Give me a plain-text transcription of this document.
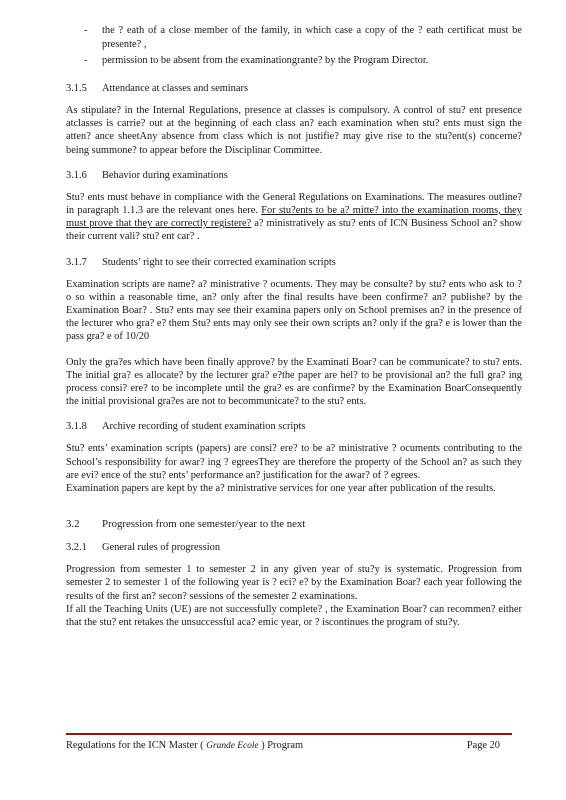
- the ? eath of a close member of the family, in which case a copy of the ? eath certificat must be presente? ,
- permission to be absent from the examinationgrante? by the Program Director.
3.1.5	Attendance at classes and seminars

As stipulate? in the Internal Regulations, presence at classes is compulsory. A control of stu? ent presence atclasses is carrie? out at the beginning of each class an? each examination when stu? ents must sign the atten? ance sheetAny absence from class which is not justifie? may give rise to the stu?ent(s) concerne? being summone? to appear before the Disciplinar Committee.

3.1.6	Behavior during examinations

Stu? ents must behave in compliance with the General Regulations on Examinations. The measures outline? in paragraph 1.1.3 are the relevant ones here. For stu?ents to be a? mitte? into the examination rooms, they must prove that they are correctly registere? a? ministratively as stu? ents of ICN Business School an? show their current vali? stu? ent car? .

3.1.7	Students’ right to see their corrected examination scripts

Examination scripts are name? a? ministrative ? ocuments. They may be consulte? by stu? ents who ask to ? o so within a reasonable time, an? only after the final results have been confirme? an? publishe? by the Examination Boar? . Stu? ents may see their examina papers only on School premises an? in the presence of the lecturer who gra? e? them Stu? ents may only see their own scripts an? only if the gra? e is lower than the pass gra? e of 10/20

Only the gra?es which have been finally approve? by the Examinati Boar? can be communicate? to stu? ents. The initial gra? es allocate? by the lecturer gra? e?the paper are hel? to be provisional an? the full gra? ing process consi? ere? to be incomplete until the gra? es are confirme? by the Examination BoarConsequently the initial provisional gra?es are not to becommunicate? to the stu? ents.

3.1.8	Archive recording of student examination scripts

Stu? ents’ examination scripts (papers) are consi? ere? to be a? ministrative ? ocuments contributing to the School’s responsibility for awar? ing ? egreesThey are therefore the property of the School an? as such they are evi? ence of the stu? ents’ performance an? justification for the awar? of ? egrees.

Examination papers are kept by the a? ministrative services for one year after publication of the results.

3.2	Progression from one semester/year to the next
3.2.1	General rules of progression

Progression from semester 1 to semester 2 in any given year of stu?y is systematic. Progression from semester 2 to semester 1 of the following year is ? eci? e? by the Examination Boar? each year following the results of the first an? secon? sessions of the semester 2 examinations.

If all the Teaching Units (UE) are not successfully complete? , the Examination Boar? can recommen? either that the stu? ent retakes the unsuccessful aca? emic year, or ? iscontinues the program of stu?y.

Regulations for the ICN Master ( Grande Ecole ) Program	Page 20
